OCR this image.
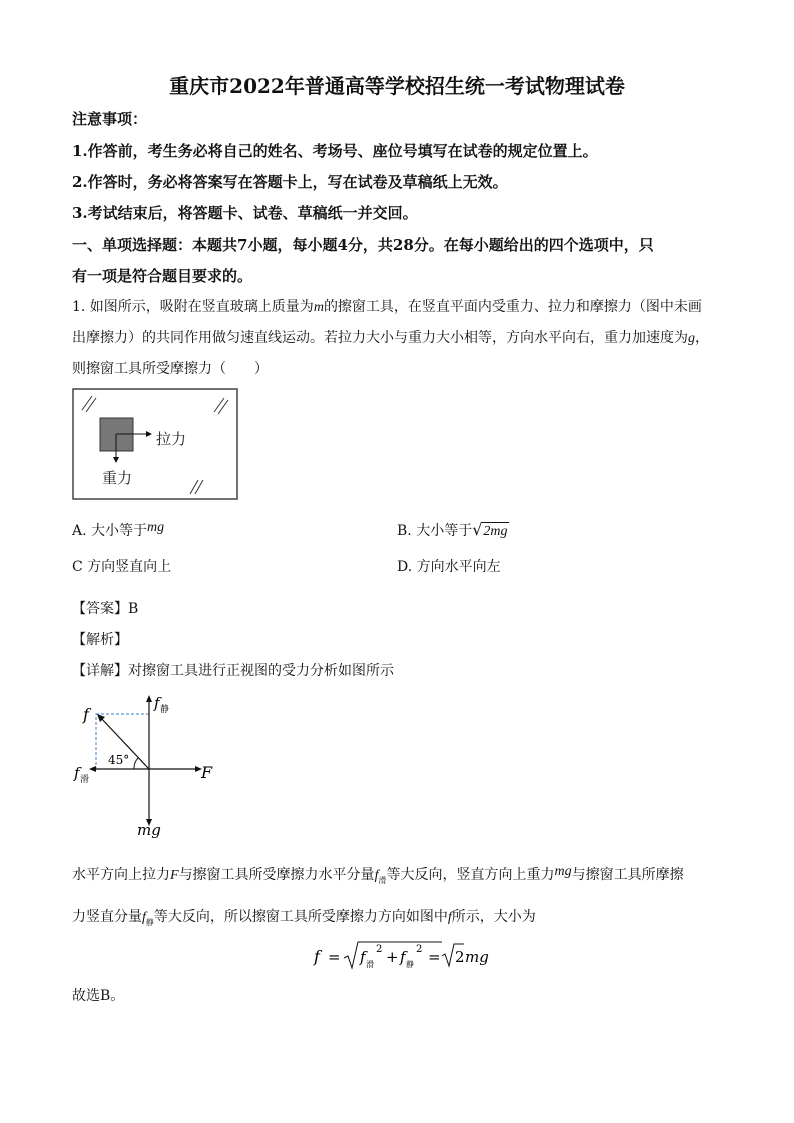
重庆市2022年普通高等学校招生统一考试物理试卷
注意事项：
1.作答前，考生务必将自己的姓名、考场号、座位号填写在试卷的规定位置上。
2.作答时，务必将答案写在答题卡上，写在试卷及草稿纸上无效。
3.考试结束后，将答题卡、试卷、草稿纸一并交回。
一、单项选择题：本题共7小题，每小题4分，共28分。在每小题给出的四个选项中，只
有一项是符合题目要求的。
1. 如图所示，吸附在竖直玻璃上质量为m的擦窗工具，在竖直平面内受重力、拉力和摩擦力（图中未画
出摩擦力）的共同作用做匀速直线运动。若拉力大小与重力大小相等，方向水平向右，重力加速度为g，
则擦窗工具所受摩擦力（　　）
拉力
重力
A. 大小等于mg	B. 大小等于√2mg
C 方向竖直向上	D. 方向水平向左
【答案】B
【解析】
【详解】对擦窗工具进行正视图的受力分析如图所示
f
f 静
45°
f 滑	F
mg
水平方向上拉力F与擦窗工具所受摩擦力水平分量$f_滑$等大反向，竖直方向上重力mg与擦窗工具所摩擦
力竖直分量$f_静$等大反向，所以擦窗工具所受摩擦力方向如图中f所示，大小为
f = f 滑
2 + f 静
2 = 2 mg
故选B。
